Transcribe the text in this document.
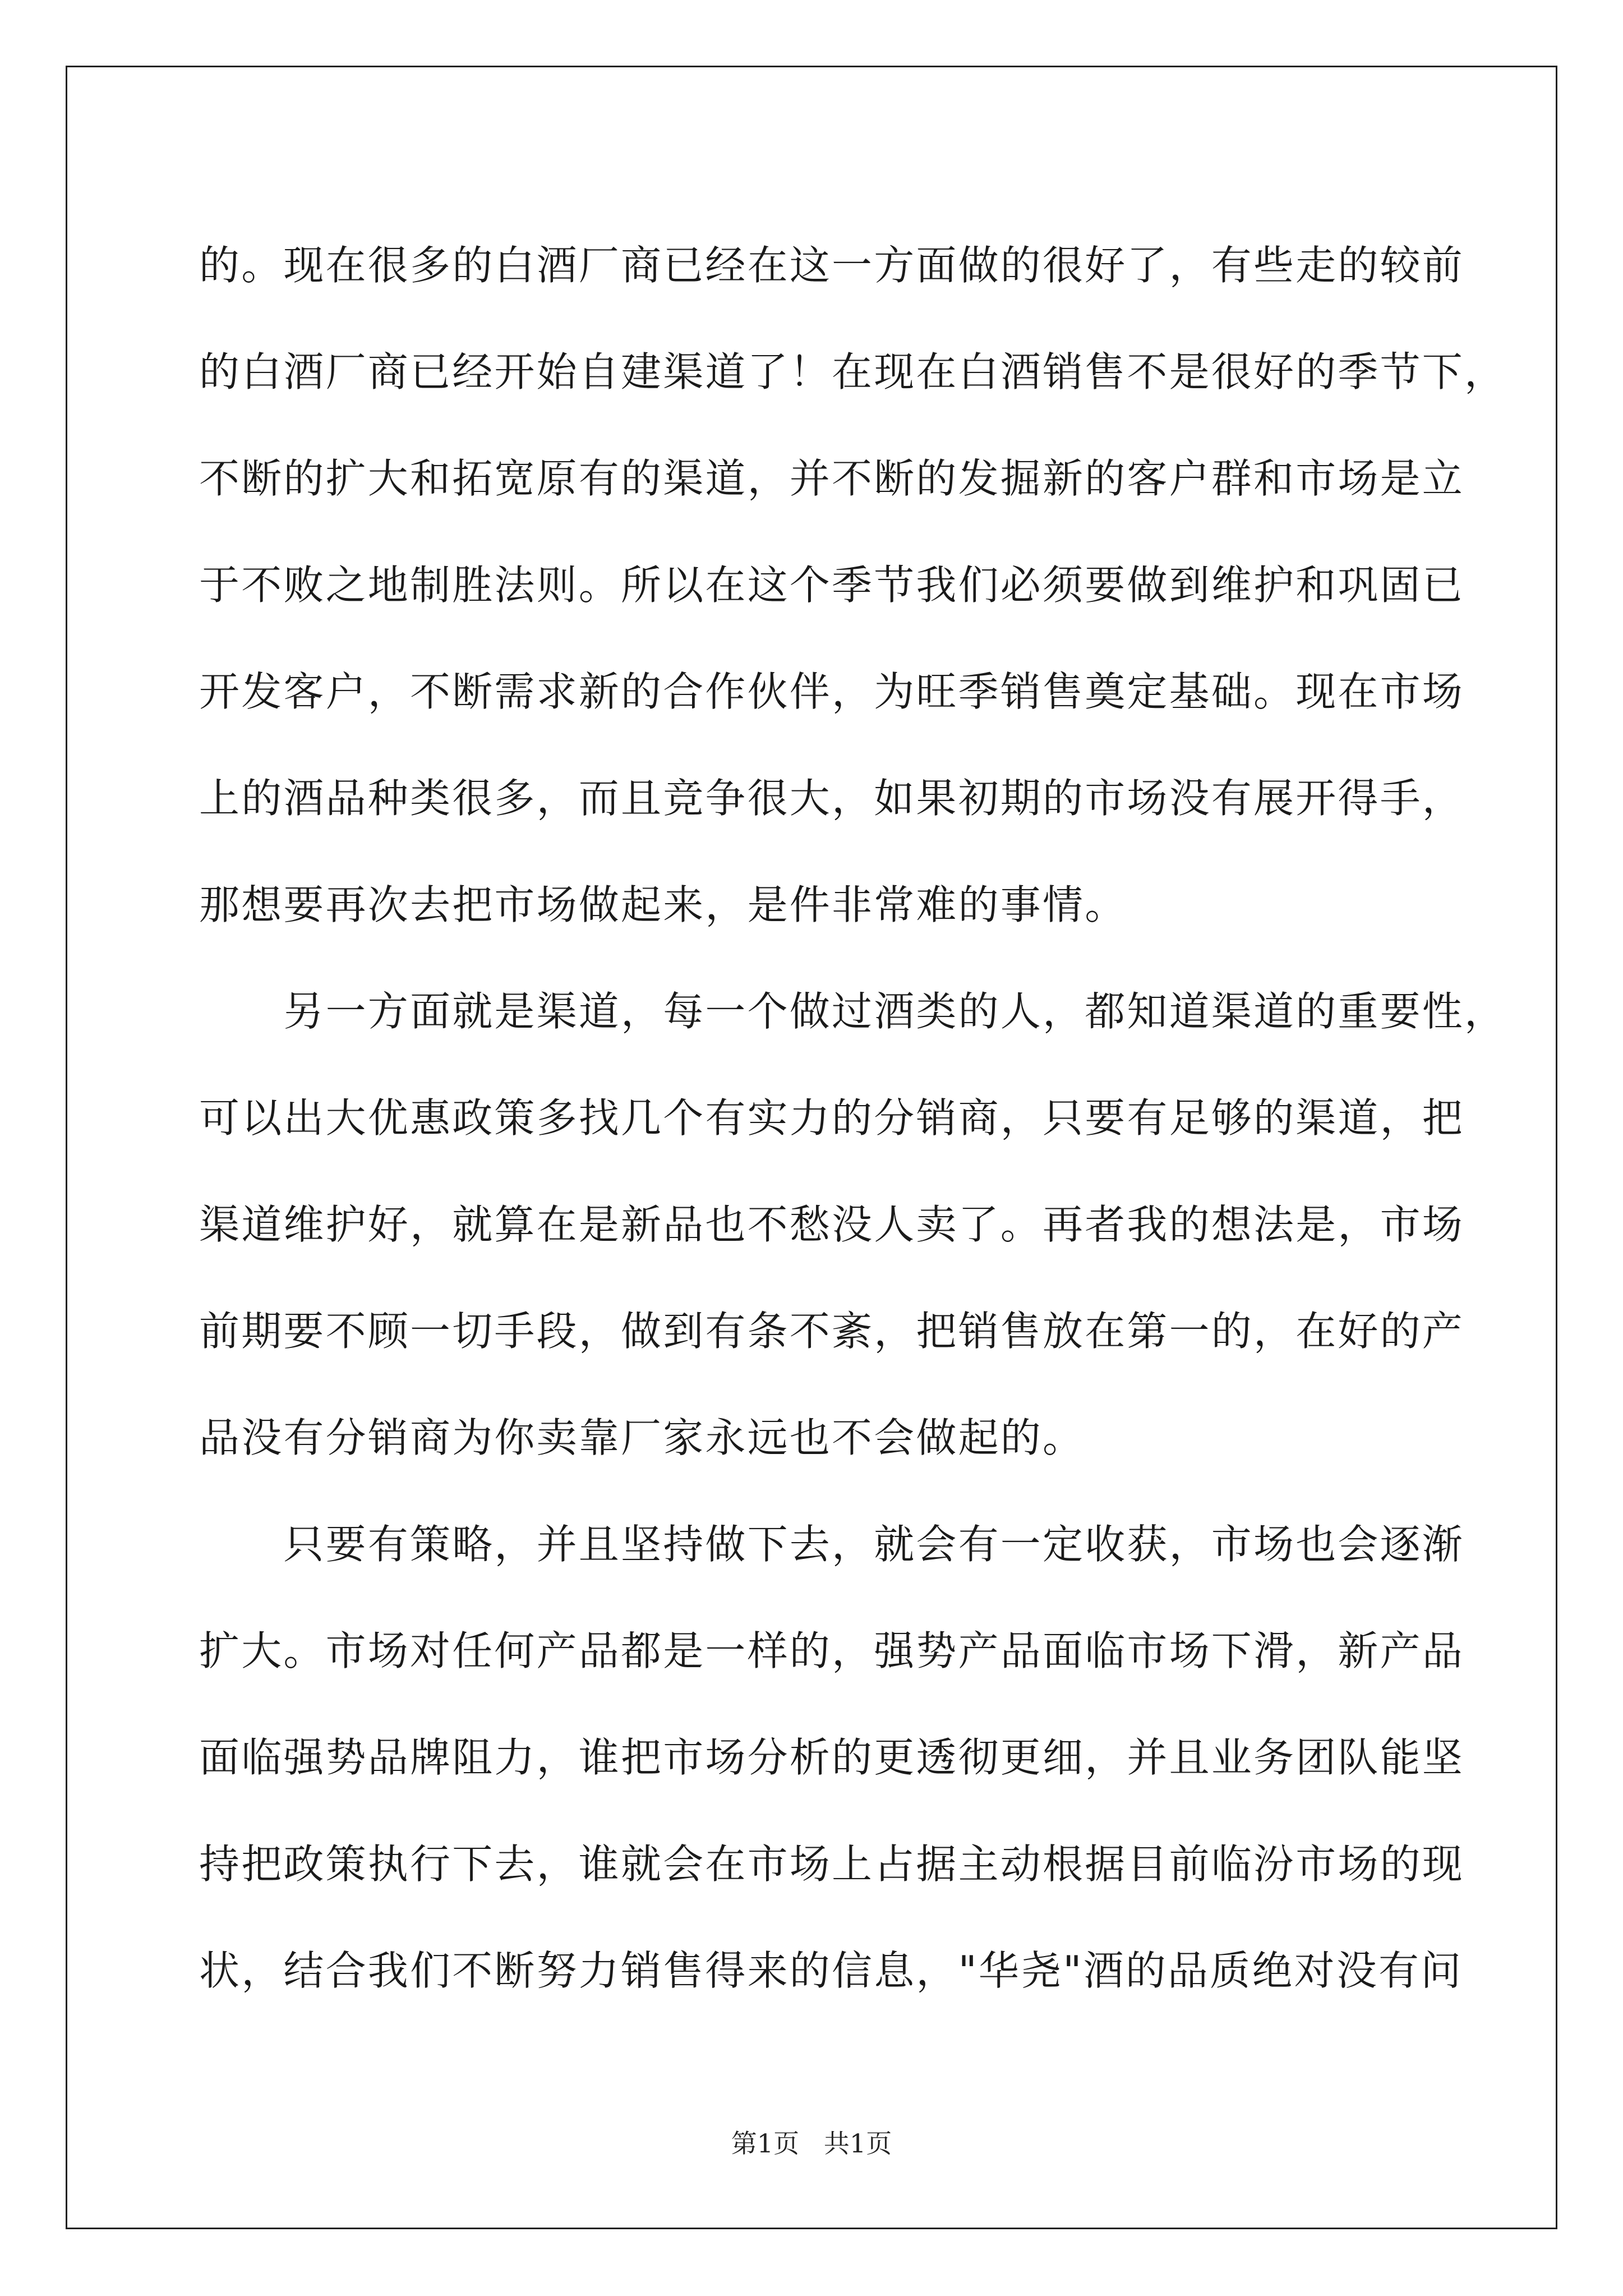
的。现在很多的白酒厂商已经在这一方面做的很好了，有些走的较前
的白酒厂商已经开始自建渠道了！在现在白酒销售不是很好的季节下，
不断的扩大和拓宽原有的渠道，并不断的发掘新的客户群和市场是立
于不败之地制胜法则。所以在这个季节我们必须要做到维护和巩固已
开发客户，不断需求新的合作伙伴，为旺季销售奠定基础。现在市场
上的酒品种类很多，而且竞争很大，如果初期的市场没有展开得手，
那想要再次去把市场做起来，是件非常难的事情。
　　另一方面就是渠道，每一个做过酒类的人，都知道渠道的重要性，
可以出大优惠政策多找几个有实力的分销商，只要有足够的渠道，把
渠道维护好，就算在是新品也不愁没人卖了。再者我的想法是，市场
前期要不顾一切手段，做到有条不紊，把销售放在第一的，在好的产
品没有分销商为你卖靠厂家永远也不会做起的。
　　只要有策略，并且坚持做下去，就会有一定收获，市场也会逐渐
扩大。市场对任何产品都是一样的，强势产品面临市场下滑，新产品
面临强势品牌阻力，谁把市场分析的更透彻更细，并且业务团队能坚
持把政策执行下去，谁就会在市场上占据主动根据目前临汾市场的现
状，结合我们不断努力销售得来的信息，"华尧"酒的品质绝对没有问
第1页   共1页
